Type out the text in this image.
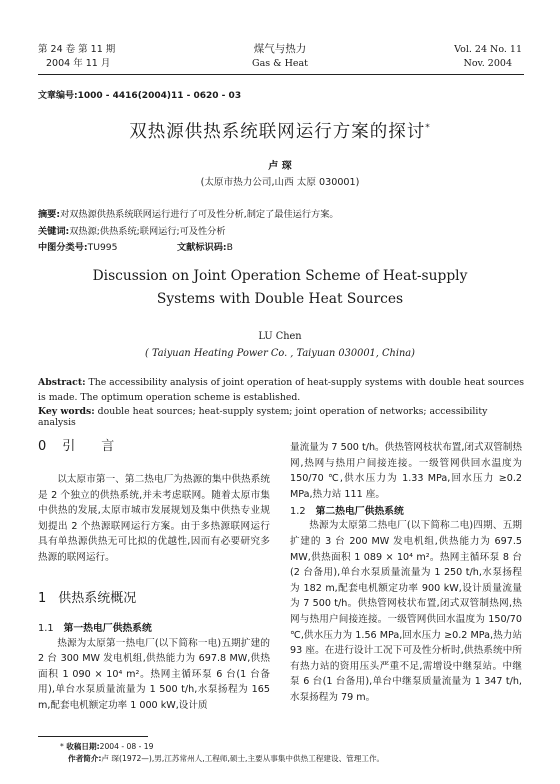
第 24 卷 第 11 期
2004 年 11 月
煤气与热力
Gas & Heat
Vol. 24 No. 11
Nov. 2004
文章编号:1000 - 4416(2004)11 - 0620 - 03
双热源供热系统联网运行方案的探讨*
卢 琛
(太原市热力公司,山西 太原 030001)
摘要:对双热源供热系统联网运行进行了可及性分析,制定了最佳运行方案。
关键词:双热源;供热系统;联网运行;可及性分析
中图分类号:TU995	文献标识码:B
Discussion on Joint Operation Scheme of Heat-supply
Systems with Double Heat Sources
LU Chen
( Taiyuan Heating Power Co. , Taiyuan 030001, China)
Abstract: The accessibility analysis of joint operation of heat-supply systems with double heat sources is made. The optimum operation scheme is established.
Key words: double heat sources; heat-supply system; joint operation of networks; accessibility analysis
0 引　　言

以太原市第一、第二热电厂为热源的集中供热系统是 2 个独立的供热系统,并未考虑联网。随着太原市集中供热的发展,太原市城市发展规划及集中供热专业规划提出 2 个热源联网运行方案。由于多热源联网运行具有单热源供热无可比拟的优越性,因而有必要研究多热源的联网运行。

1 供热系统概况
1.1 第一热电厂供热系统

热源为太原第一热电厂(以下简称一电)五期扩建的 2 台 300 MW 发电机组,供热能力为 697.8 MW,供热面积 1 090 × 10⁴ m²。热网主循环泵 6 台(1 台备用),单台水泵质量流量为 1 500 t/h,水泵扬程为 165 m,配套电机额定功率 1 000 kW,设计质

量流量为 7 500 t/h。供热管网枝状布置,闭式双管制热网,热网与热用户间接连接。一级管网供回水温度为 150/70 ℃,供水压力为 1.33 MPa,回水压力 ≥0.2 MPa,热力站 111 座。

1.2 第二热电厂供热系统

热源为太原第二热电厂(以下简称二电)四期、五期扩建的 3 台 200 MW 发电机组,供热能力为 697.5 MW,供热面积 1 089 × 10⁴ m²。热网主循环泵 8 台(2 台备用),单台水泵质量流量为 1 250 t/h,水泵扬程为 182 m,配套电机额定功率 900 kW,设计质量流量为 7 500 t/h。供热管网枝状布置,闭式双管制热网,热网与热用户间接连接。一级管网供回水温度为 150/70 ℃,供水压力为 1.56 MPa,回水压力 ≥0.2 MPa,热力站 93 座。在进行设计工况下可及性分析时,供热系统中所有热力站的资用压头严重不足,需增设中继泵站。中继泵 6 台(1 台备用),单台中继泵质量流量为 1 347 t/h,水泵扬程为 79 m。

* 收稿日期:2004 - 08 - 19
作者简介:卢 琛(1972—),男,江苏常州人,工程师,硕士,主要从事集中供热工程建设、管理工作。
